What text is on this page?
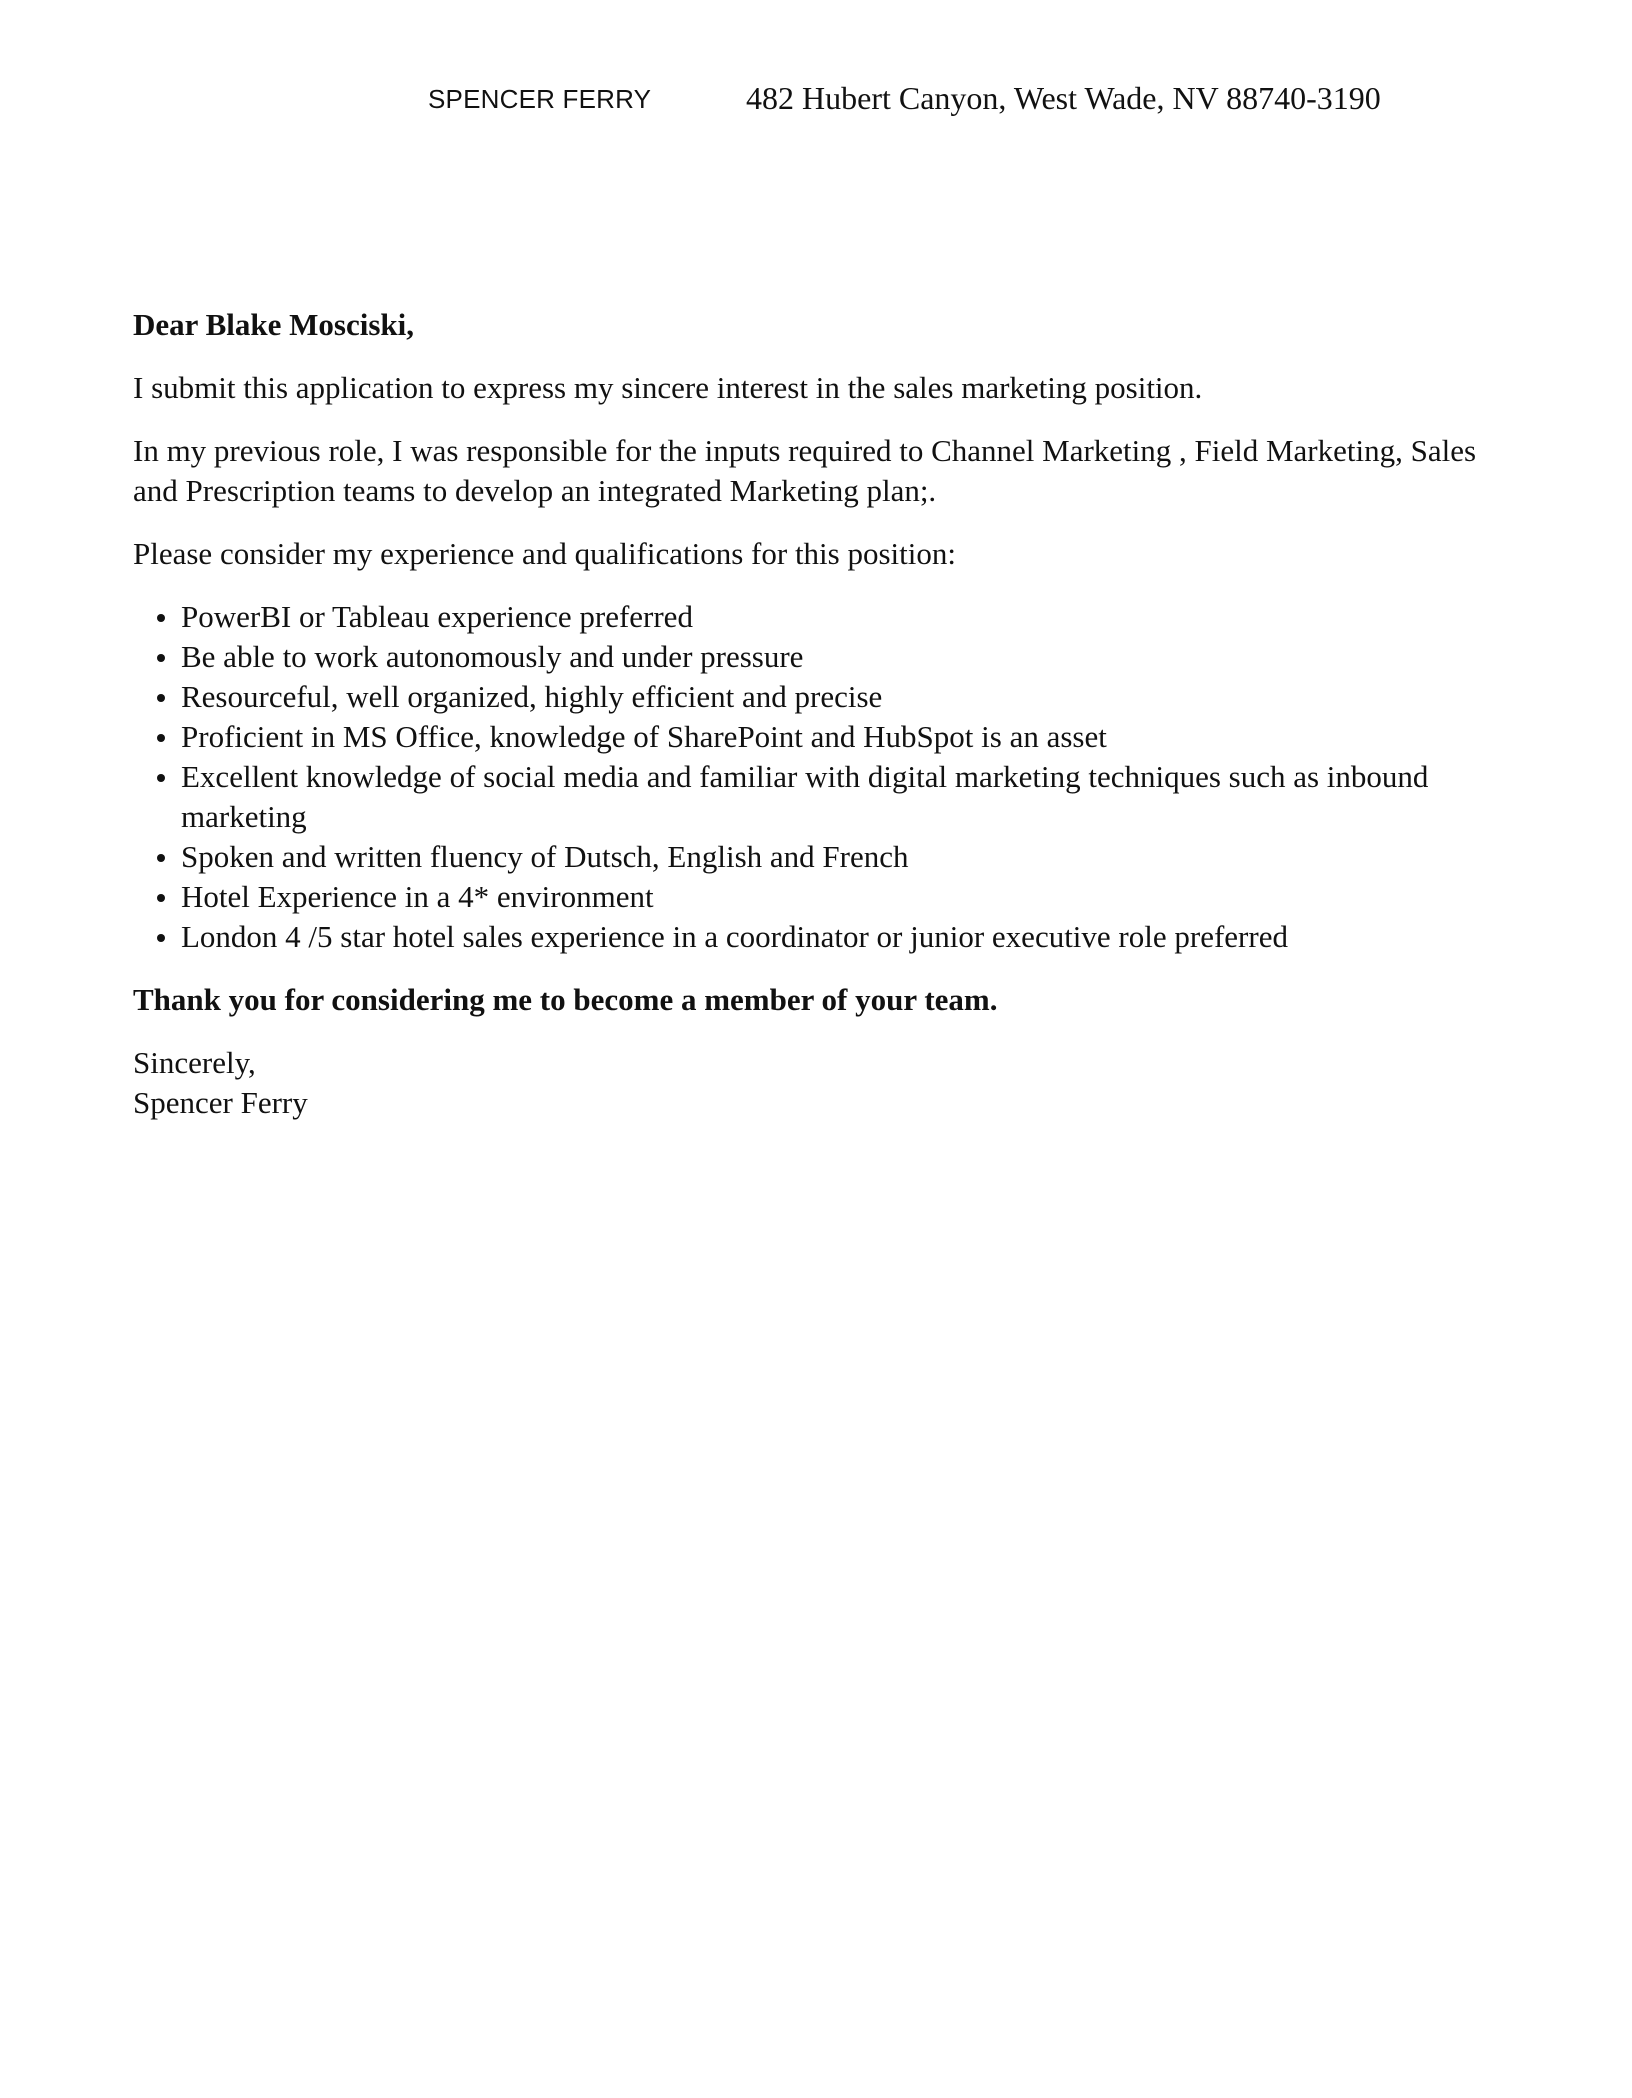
SPENCER FERRY	482 Hubert Canyon, West Wade, NV 88740-3190

Dear Blake Mosciski,

I submit this application to express my sincere interest in the sales marketing position.

In my previous role, I was responsible for the inputs required to Channel Marketing , Field Marketing, Sales and Prescription teams to develop an integrated Marketing plan;.

Please consider my experience and qualifications for this position:

PowerBI or Tableau experience preferred
Be able to work autonomously and under pressure
Resourceful, well organized, highly efficient and precise
Proficient in MS Office, knowledge of SharePoint and HubSpot is an asset
Excellent knowledge of social media and familiar with digital marketing techniques such as inbound marketing
Spoken and written fluency of Dutsch, English and French
Hotel Experience in a 4* environment
London 4 /5 star hotel sales experience in a coordinator or junior executive role preferred

Thank you for considering me to become a member of your team.

Sincerely,
Spencer Ferry
